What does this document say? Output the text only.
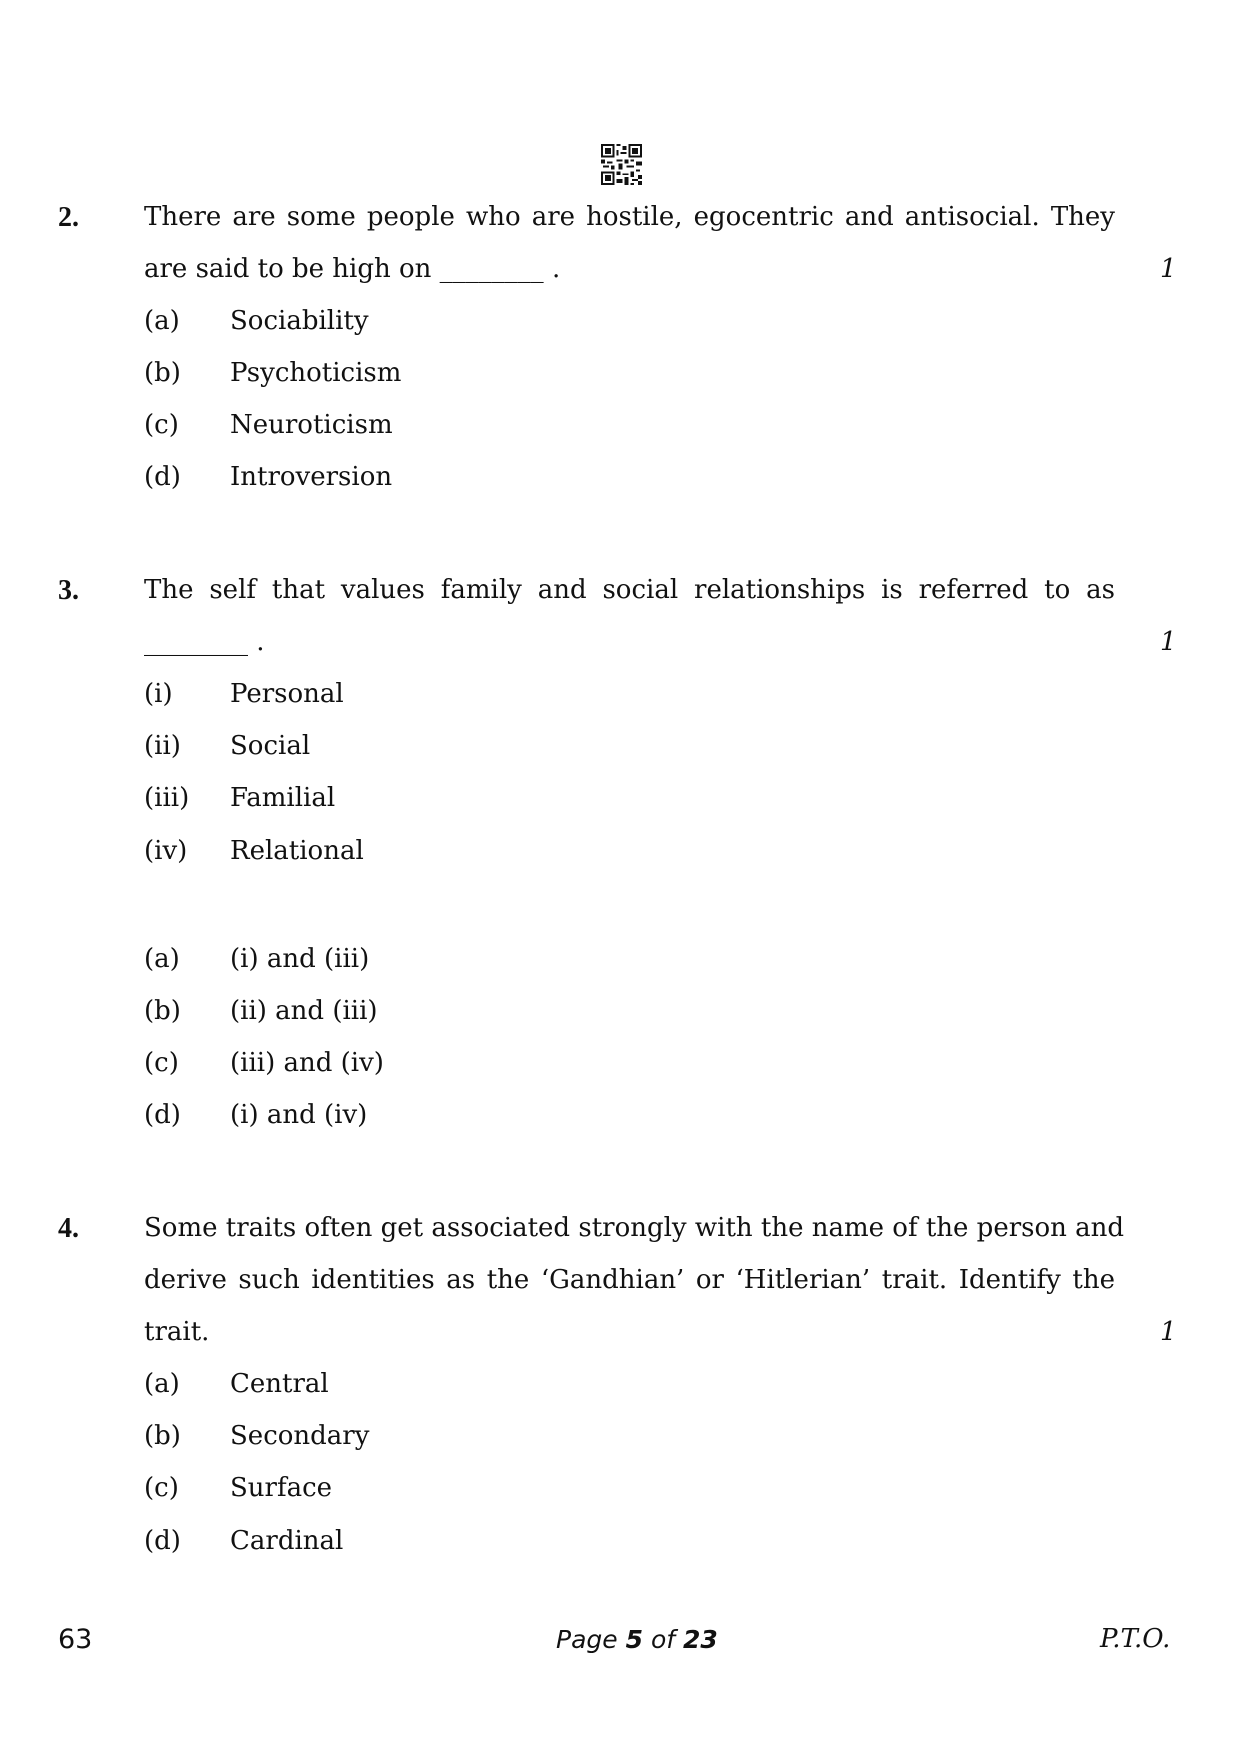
2.	There are some people who are hostile, egocentric and antisocial. They
are said to be high on ________ .	1
(a) Sociability
(b) Psychoticism
(c) Neuroticism
(d) Introversion
3.	The self that values family and social relationships is referred to as
________ .	1
(i) Personal
(ii) Social
(iii) Familial
(iv) Relational
(a) (i) and (iii)
(b) (ii) and (iii)
(c) (iii) and (iv)
(d) (i) and (iv)
4.	Some traits often get associated strongly with the name of the person and
derive such identities as the ‘Gandhian’ or ‘Hitlerian’ trait. Identify the
trait.	1
(a) Central
(b) Secondary
(c) Surface
(d) Cardinal
63	Page 5 of 23	P.T.O.
